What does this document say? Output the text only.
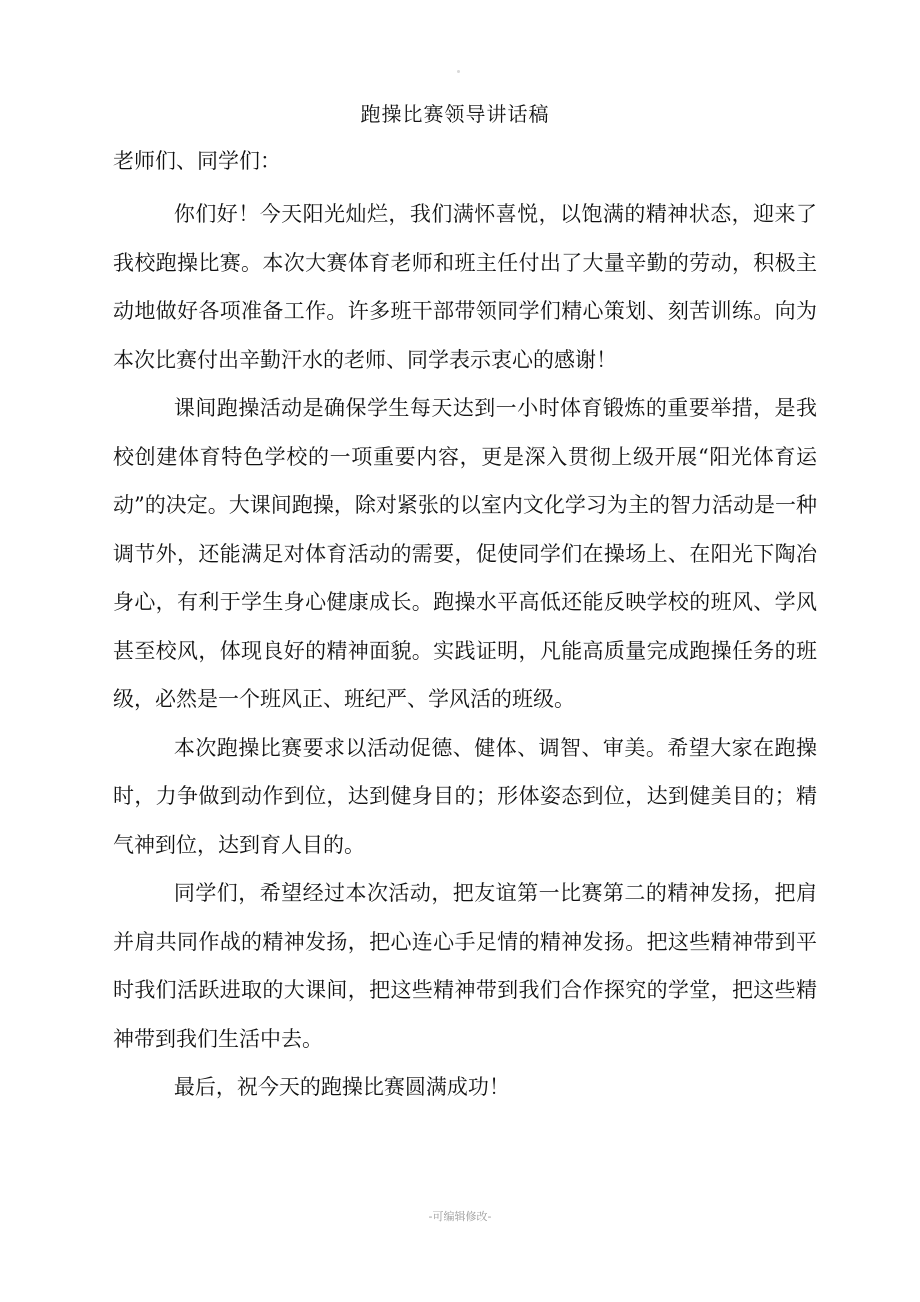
跑操比赛领导讲话稿
老师们、同学们：

你们好！今天阳光灿烂，我们满怀喜悦，以饱满的精神状态，迎来了我校跑操比赛。本次大赛体育老师和班主任付出了大量辛勤的劳动，积极主动地做好各项准备工作。许多班干部带领同学们精心策划、刻苦训练。向为本次比赛付出辛勤汗水的老师、同学表示衷心的感谢！

课间跑操活动是确保学生每天达到一小时体育锻炼的重要举措，是我校创建体育特色学校的一项重要内容，更是深入贯彻上级开展“阳光体育运动”的决定。大课间跑操，除对紧张的以室内文化学习为主的智力活动是一种调节外，还能满足对体育活动的需要，促使同学们在操场上、在阳光下陶冶身心，有利于学生身心健康成长。跑操水平高低还能反映学校的班风、学风甚至校风，体现良好的精神面貌。实践证明，凡能高质量完成跑操任务的班级，必然是一个班风正、班纪严、学风活的班级。

本次跑操比赛要求以活动促德、健体、调智、审美。希望大家在跑操时，力争做到动作到位，达到健身目的；形体姿态到位，达到健美目的；精气神到位，达到育人目的。

同学们，希望经过本次活动，把友谊第一比赛第二的精神发扬，把肩并肩共同作战的精神发扬，把心连心手足情的精神发扬。把这些精神带到平时我们活跃进取的大课间，把这些精神带到我们合作探究的学堂，把这些精神带到我们生活中去。

最后，祝今天的跑操比赛圆满成功！

-可编辑修改-
